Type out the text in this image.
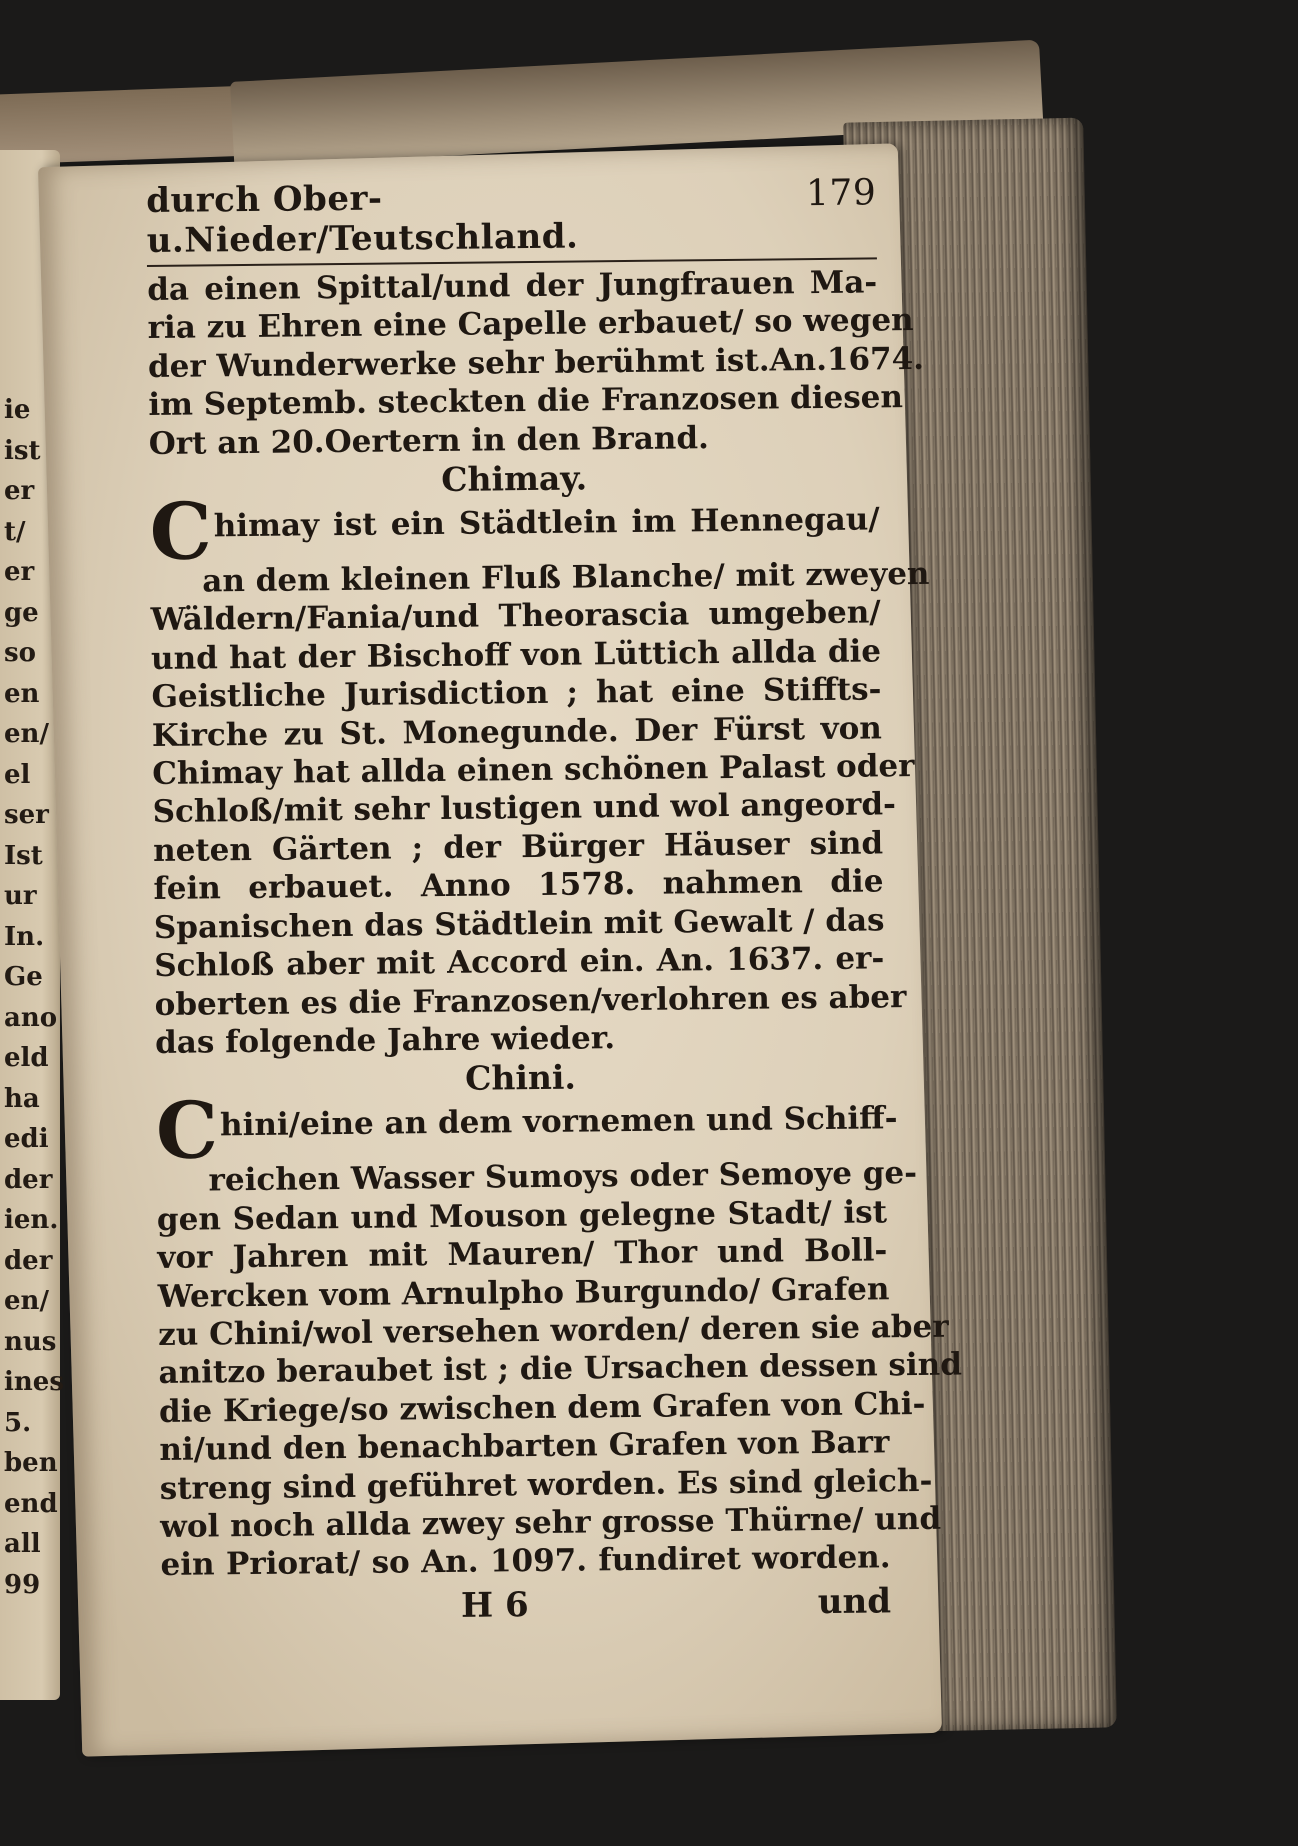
ie
ist
er
t/
er
ge
so
en
en/
el
ser
Ist
ur
In.
Ge
ano
eld
ha
edi
der
ien.
der
en/
nus
ines
5.
ben
end
all
99
durch Ober-u.Nieder/Teutschland.
179
da einen Spittal/und der Jungfrauen Ma-
ria zu Ehren eine Capelle erbauet/ so wegen
der Wunderwerke sehr berühmt ist.An.1674.
im Septemb. steckten die Franzosen diesen
Ort an 20.Oertern in den Brand.
Chimay.
Chimay ist ein Städtlein im Hennegau/
an dem kleinen Fluß Blanche/ mit zweyen
Wäldern/Fania/und Theorascia umgeben/
und hat der Bischoff von Lüttich allda die
Geistliche Jurisdiction ; hat eine Stiffts-
Kirche zu St. Monegunde. Der Fürst von
Chimay hat allda einen schönen Palast oder
Schloß/mit sehr lustigen und wol angeord-
neten Gärten ; der Bürger Häuser sind
fein erbauet. Anno 1578. nahmen die
Spanischen das Städtlein mit Gewalt / das
Schloß aber mit Accord ein. An. 1637. er-
oberten es die Franzosen/verlohren es aber
das folgende Jahre wieder.
Chini.
Chini/eine an dem vornemen und Schiff-
reichen Wasser Sumoys oder Semoye ge-
gen Sedan und Mouson gelegne Stadt/ ist
vor Jahren mit Mauren/ Thor und Boll-
Wercken vom Arnulpho Burgundo/ Grafen
zu Chini/wol versehen worden/ deren sie aber
anitzo beraubet ist ; die Ursachen dessen sind
die Kriege/so zwischen dem Grafen von Chi-
ni/und den benachbarten Grafen von Barr
streng sind geführet worden. Es sind gleich-
wol noch allda zwey sehr grosse Thürne/ und
ein Priorat/ so An. 1097. fundiret worden.
H 6	und
